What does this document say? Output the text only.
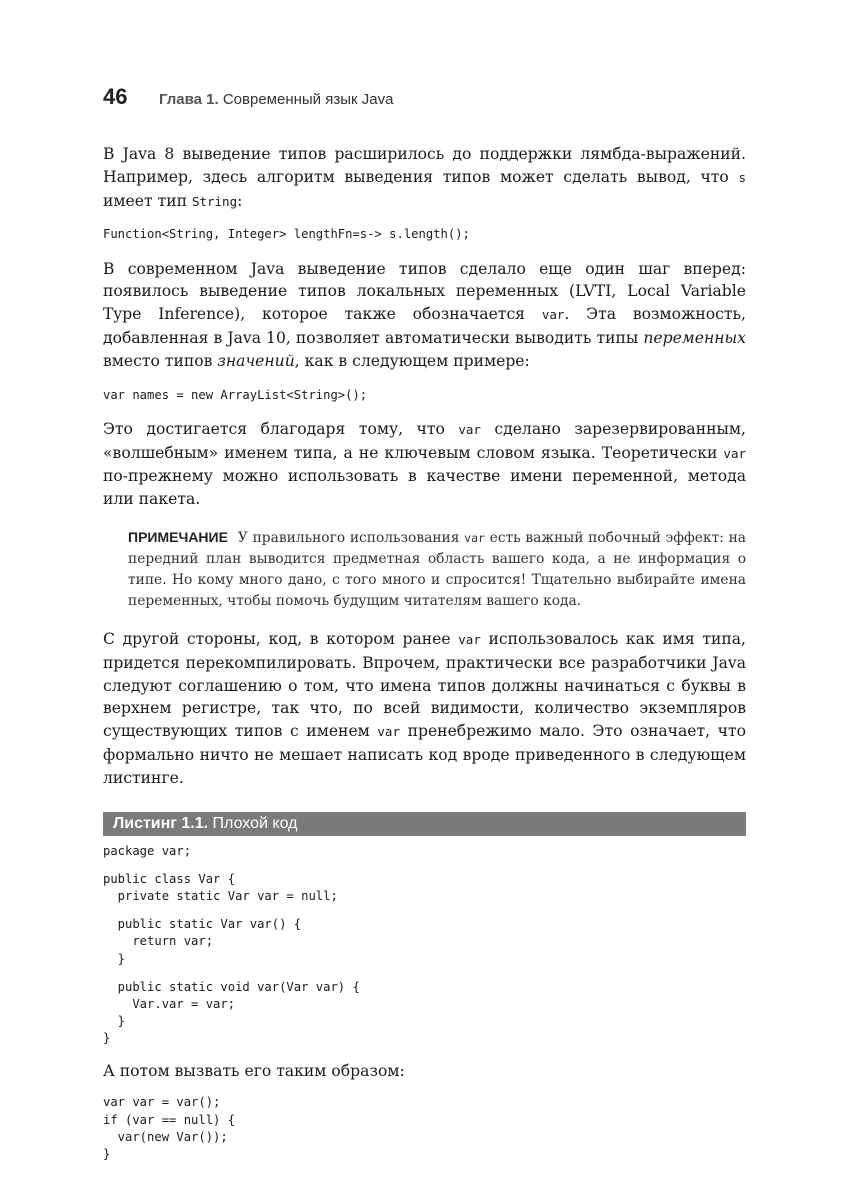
46	Глава 1. Современный язык Java

В Java 8 выведение типов расширилось до поддержки лямбда-выражений. Например, здесь алгоритм выведения типов может сделать вывод, что s имеет тип String:

Function<String, Integer> lengthFn=s-> s.length();

В современном Java выведение типов сделало еще один шаг вперед: появилось выведение типов локальных переменных (LVTI, Local Variable Type Inference), которое также обозначается var. Эта возможность, добавленная в Java 10, позволяет автоматически выводить типы переменных вместо типов значений, как в следующем примере:

var names = new ArrayList<String>();

Это достигается благодаря тому, что var сделано зарезервированным, «волшебным» именем типа, а не ключевым словом языка. Теоретически var по-прежнему можно использовать в качестве имени переменной, метода или пакета.

ПРИМЕЧАНИЕ У правильного использования var есть важный побочный эффект: на передний план выводится предметная область вашего кода, а не информация о типе. Но кому много дано, с того много и спросится! Тщательно выбирайте имена переменных, чтобы помочь будущим читателям вашего кода.

С другой стороны, код, в котором ранее var использовалось как имя типа, придется перекомпилировать. Впрочем, практически все разработчики Java следуют соглашению о том, что имена типов должны начинаться с буквы в верхнем регистре, так что, по всей видимости, количество экземпляров существующих типов с именем var пренебрежимо мало. Это означает, что формально ничто не мешает написать код вроде приведенного в следующем листинге.

Листинг 1.1. Плохой код
package var;
public class Var {
private static Var var = null;
public static Var var() {
return var;
}
public static void var(Var var) {
Var.var = var;
}
}

А потом вызвать его таким образом:

var var = var();
if (var == null) {
var(new Var());
}
